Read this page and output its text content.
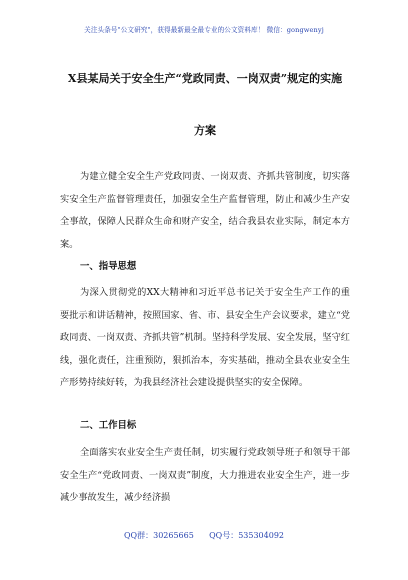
关注头条号"公文研究"，获得最新最全最专业的公文资料库！ 微信：gongwenyj
X县某局关于安全生产“党政同责、一岗双责”规定的实施
方案

为建立健全安全生产党政同责、一岗双责、齐抓共管制度，切实落实安全生产监督管理责任，加强安全生产监督管理，防止和减少生产安全事故，保障人民群众生命和财产安全，结合我县农业实际，制定本方案。

一、指导思想

为深入贯彻党的XX大精神和习近平总书记关于安全生产工作的重要批示和讲话精神，按照国家、省、市、县安全生产会议要求，建立“党政同责、一岗双责、齐抓共管”机制。坚持科学发展、安全发展，坚守红线，强化责任，注重预防，狠抓治本，夯实基础，推动全县农业安全生产形势持续好转，为我县经济社会建设提供坚实的安全保障。

二、工作目标

全面落实农业安全生产责任制，切实履行党政领导班子和领导干部安全生产“党政同责、一岗双责”制度，大力推进农业安全生产，进一步减少事故发生，减少经济损

QQ群：30265665      QQ号：535304092
